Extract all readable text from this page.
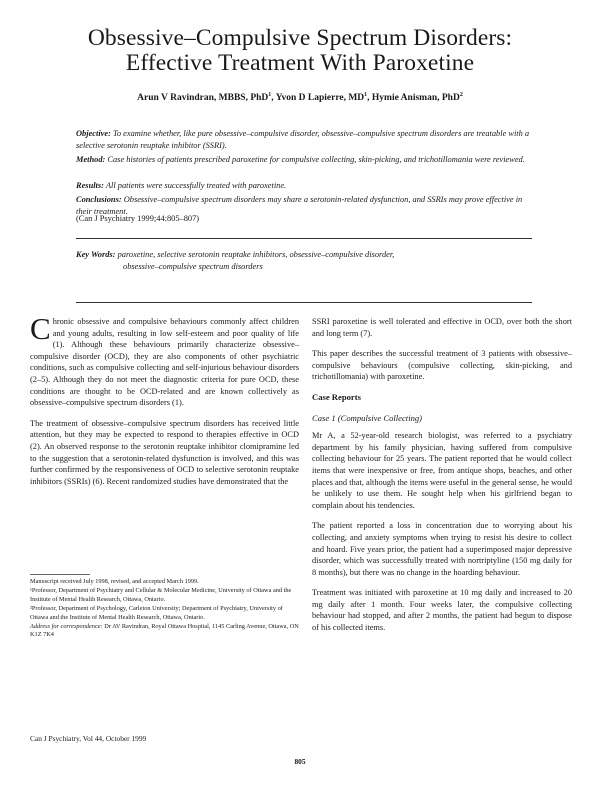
Obsessive–Compulsive Spectrum Disorders:
Effective Treatment With Paroxetine
Arun V Ravindran, MBBS, PhD$^1$, Yvon D Lapierre, $MD^1$, Hymie Anisman, PhD$^2$
Objective: To examine whether, like pure obsessive–compulsive disorder, obsessive–compulsive spectrum disorders are treatable with a selective serotonin reuptake inhibitor (SSRI).
Method: Case histories of patients prescribed paroxetine for compulsive collecting, skin-picking, and trichotillomania were reviewed.
Results: All patients were successfully treated with paroxetine.
Conclusions: Obsessive–compulsive spectrum disorders may share a serotonin-related dysfunction, and SSRIs may prove effective in their treatment.
(Can J Psychiatry 1999;44:805–807)
Key Words: paroxetine, selective serotonin reuptake inhibitors, obsessive–compulsive disorder,
obsessive–compulsive spectrum disorders

Chronic obsessive and compulsive behaviours commonly affect children and young adults, resulting in low self-esteem and poor quality of life (1). Although these behaviours primarily characterize obsessive–compulsive disorder (OCD), they are also components of other psychiatric conditions, such as compulsive collecting and self-injurious behaviour disorders (2–5). Although they do not meet the diagnostic criteria for pure OCD, these conditions are thought to be OCD-related and are known collectively as obsessive–compulsive spectrum disorders (1).

The treatment of obsessive–compulsive spectrum disorders has received little attention, but they may be expected to respond to therapies effective in OCD (2). An observed response to the serotonin reuptake inhibitor clomipramine led to the suggestion that a serotonin-related dysfunction is involved, and this was further confirmed by the responsiveness of OCD to selective serotonin reuptake inhibitors (SSRIs) (6). Recent randomized studies have demonstrated that the

Manuscript received July 1998, revised, and accepted March 1999.
¹Professor, Department of Psychiatry and Cellular & Molecular Medicine, University of Ottawa and the Institute of Mental Health Research, Ottawa, Ontario.
²Professor, Department of Psychology, Carleton University; Department of Psychiatry, University of Ottawa and the Institute of Mental Health Research, Ottawa, Ontario.
Address for correspondence: Dr AV Ravindran, Royal Ottawa Hospital, 1145 Carling Avenue, Ottawa, ON K1Z 7K4

SSRI paroxetine is well tolerated and effective in OCD, over both the short and long term (7).

This paper describes the successful treatment of 3 patients with obsessive–compulsive behaviours (compulsive collecting, skin-picking, and trichotillomania) with paroxetine.

Case Reports
Case 1 (Compulsive Collecting)

Mr A, a 52-year-old research biologist, was referred to a psychiatry department by his family physician, having suffered from compulsive collecting behaviour for 25 years. The patient reported that he would collect items that were inexpensive or free, from antique shops, beaches, and other places and that, although the items were useful in the general sense, he would be unlikely to use them. He sought help when his girlfriend began to complain about his tendencies.

The patient reported a loss in concentration due to worrying about his collecting, and anxiety symptoms when trying to resist his desire to collect and hoard. Five years prior, the patient had a superimposed major depressive disorder, which was successfully treated with nortriptyline (150 mg daily for 8 months), but there was no change in the hoarding behaviour.

Treatment was initiated with paroxetine at 10 mg daily and increased to 20 mg daily after 1 month. Four weeks later, the compulsive collecting behaviour had stopped, and after 2 months, the patient had begun to dispose of his collected items.

Can J Psychiatry, Vol 44, October 1999
805
